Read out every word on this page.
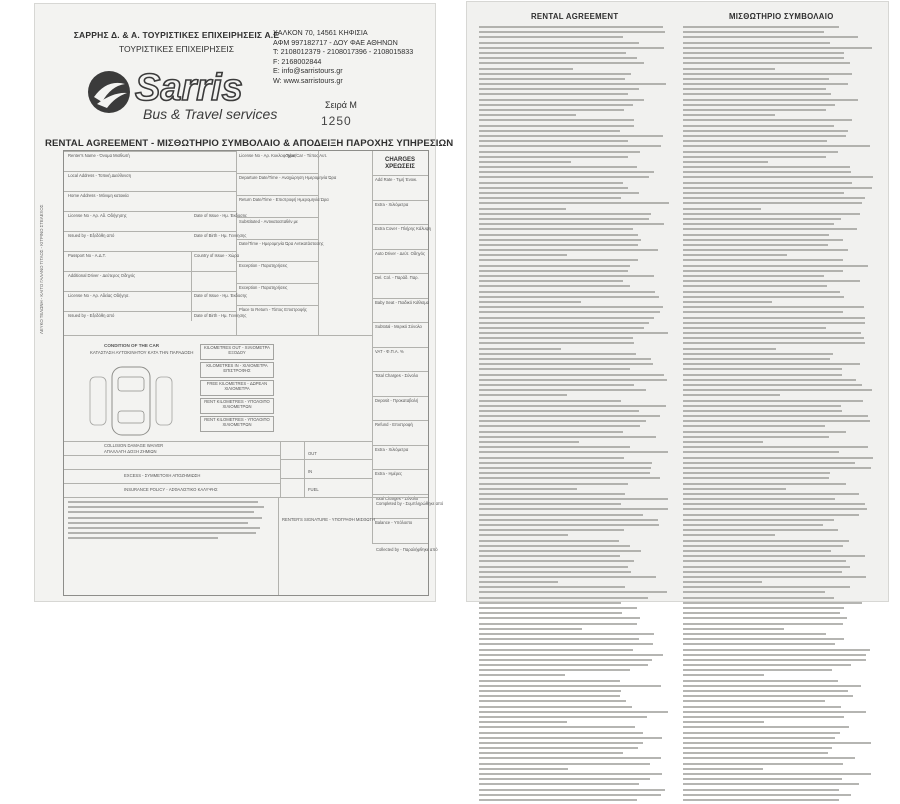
ΣΑΡΡΗΣ Δ. & Α. ΤΟΥΡΙΣΤΙΚΕΣ ΕΠΙΧΕΙΡΗΣΕΙΣ Α.Ε
ΤΟΥΡΙΣΤΙΚΕΣ ΕΠΙΧΕΙΡΗΣΕΙΣ
ΧΑΛΚΟΝ 70, 14561 ΚΗΦΙΣΙΑ
ΑΦΜ 997182717 - ΔΟΥ ΦΑΕ ΑΘΗΝΩΝ
Τ: 2108012379 - 2108017396 - 2108015833
F: 2168002844
E: info@sarristours.gr
W: www.sarristours.gr
Sarris
Bus & Travel services
Σειρά Μ
1250
RENTAL AGREEMENT - ΜΙΣΘΩΤΗΡΙΟ ΣΥΜΒΟΛΑΙΟ & ΑΠΟΔΕΙΞΗ ΠΑΡΟΧΗΣ ΥΠΗΡΕΣΙΩΝ
Renter's Name - Όνομα Μισθωτή
Local Address - Τοπική Διεύθυνση
Home Address - Μόνιμη κατοικία
License No - Αρ. Αδ. Οδήγησης
Issued by - Εξεδόθη από
Passport No - Α.Δ.Τ.
Additional Driver - Δεύτερος Οδηγός
License No - Αρ. Αδείας Οδήγησ.
Issued by - Εξεδόθη από
Date of Issue - Ημ. Έκδοσης
Date of Birth - Ημ. Γεννησης
Country of Issue - Χώρα
Date of Issue - Ημ. Έκδοσης
Date of Birth - Ημ. Γεννησης
License No - Αρ. Κυκλοφορίας
Type/Car - Τύπος Αυτ.
Departure Date/Time - Αναχώρηση Ημερομηνία Ώρα
Return Date/Time - Επιστροφή Ημερομηνία Ώρα
Substituted - Αντικατασταθέν με
Date/Time - Ημερομηνία Ώρα Αντικατάστασης
Exception - Παρατηρήσεις
Exception - Παρατηρήσεις
Place to Return - Τόπος Επιστροφής
CHARGES
ΧΡΕΩΣΕΙΣ
Add Rate - Τιμή Ένοικ.
Extra - Χιλιόμετρα
Extra Cover - Πλήρης Κάλυψη
Auto Driver - Δεύτ. Οδηγός
Del. Col. - Παράδ. Παρ.
Baby Seat - Παιδικό Κάθισμα
Subtotal - Μερικό Σύνολο
VAT - Φ.Π.Α. %
Total Charges - Σύνολο
Deposit - Προκαταβολή
Refund - Επιστροφή
Extra - Χιλιόμετρα
Extra - Ημέρες
Total Charges - Σύνολο
Balance - Υπόλοιπο
CONDITION OF THE CAR
ΚΑΤΑΣΤΑΣΗ ΑΥΤΟΚΙΝΗΤΟΥ ΚΑΤΑ ΤΗΝ ΠΑΡΑΔΟΣΗ
KILOMETRES OUT - ΧΙΛΙΟΜΕΤΡΑ ΕΞΟΔΟΥ
KILOMETRES IN - ΧΙΛΙΟΜΕΤΡΑ ΕΠΙΣΤΡΟΦΗΣ
FREE KILOMETRES - ΔΩΡΕΑΝ ΧΙΛΙΟΜΕΤΡΑ
RENT KILOMETRES - ΥΠΟΛΟΙΠΟ ΧΙΛΙΟΜΕΤΡΩΝ
RENT KILOMETRES - ΥΠΟΛΟΙΠΟ ΧΙΛΙΟΜΕΤΡΩΝ
OUT
IN
FUEL
COLLISION DAMAGE WAIVER
ΑΠΑΛΛΑΓΗ ΔΟΞΗ ΖΗΜΙΩΝ
EXCESS - ΣΥΜΜΕΤΟΧΗ ΑΠΟΖΗΜΙΩΣΗ
INSURANCE POLICY - ΑΣΦΑΛΙΣΤΙΚΟ ΚΑΛΥΨΗΣ
RENTER'S SIGNATURE - ΥΠΟΓΡΑΦΗ ΜΙΣΘΩΤΗ
Completed by - Συμπληρώθηκε από
Collected by - Παραλήφθηκε από
ΛΕΥΚΟ ΤΕΛΩΝΗ - ΚΑΙΤΟ ΓΑΛΑΝΟ ΤΙΤΛΟΣ - ΚΙΤΡΙΝΟ ΣΤΕΛΕΧΟΣ
RENTAL AGREEMENT	ΜΙΣΘΩΤΗΡΙΟ ΣΥΜΒΟΛΑΙΟ
